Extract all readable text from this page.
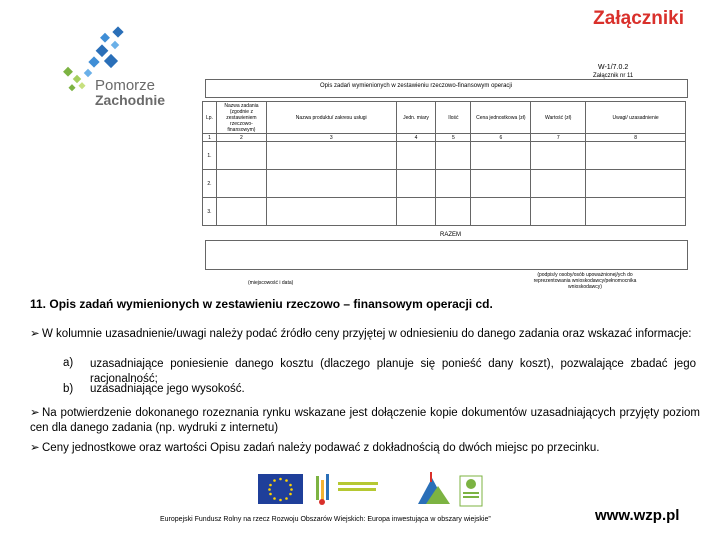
Pomorze
Zachodnie
Załączniki
W-1/7.0.2
Załącznik nr 11
Opis zadań wymienionych w zestawieniu rzeczowo-finansowym operacji
Lp.	Nazwa zadania (zgodnie z zestawieniem rzeczowo-finansowym)	Nazwa produktu/ zakresu usługi	Jedn. miary	Ilość	Cena jednostkowa (zł)	Wartość (zł)	Uwagi/ uzasadnienie
1	2	3	4	5	6	7	8
1.							
2.							
3.							
RAZEM
(miejscowość i data)
(podpis/y osoby/osób upoważnionej/ych do reprezentowania wnioskodawcy/pełnomocnika wnioskodawcy)
11. Opis zadań wymienionych w zestawieniu rzeczowo – finansowym operacji cd.
➢ W kolumnie uzasadnienie/uwagi należy podać źródło ceny przyjętej w odniesieniu do danego zadania oraz wskazać informacje:
a) uzasadniające poniesienie danego kosztu (dlaczego planuje się ponieść dany koszt), pozwalające zbadać jego racjonalność;
b) uzasadniające jego wysokość.
➢ Na potwierdzenie dokonanego rozeznania rynku wskazane jest dołączenie kopie dokumentów uzasadniających przyjęty poziom cen dla danego zadania (np. wydruki z internetu)
➢ Ceny jednostkowe oraz wartości Opisu zadań należy podawać z dokładnością do dwóch miejsc po przecinku.
Europejski Fundusz Rolny na rzecz Rozwoju Obszarów Wiejskich: Europa inwestująca w obszary wiejskie”	www.wzp.pl
